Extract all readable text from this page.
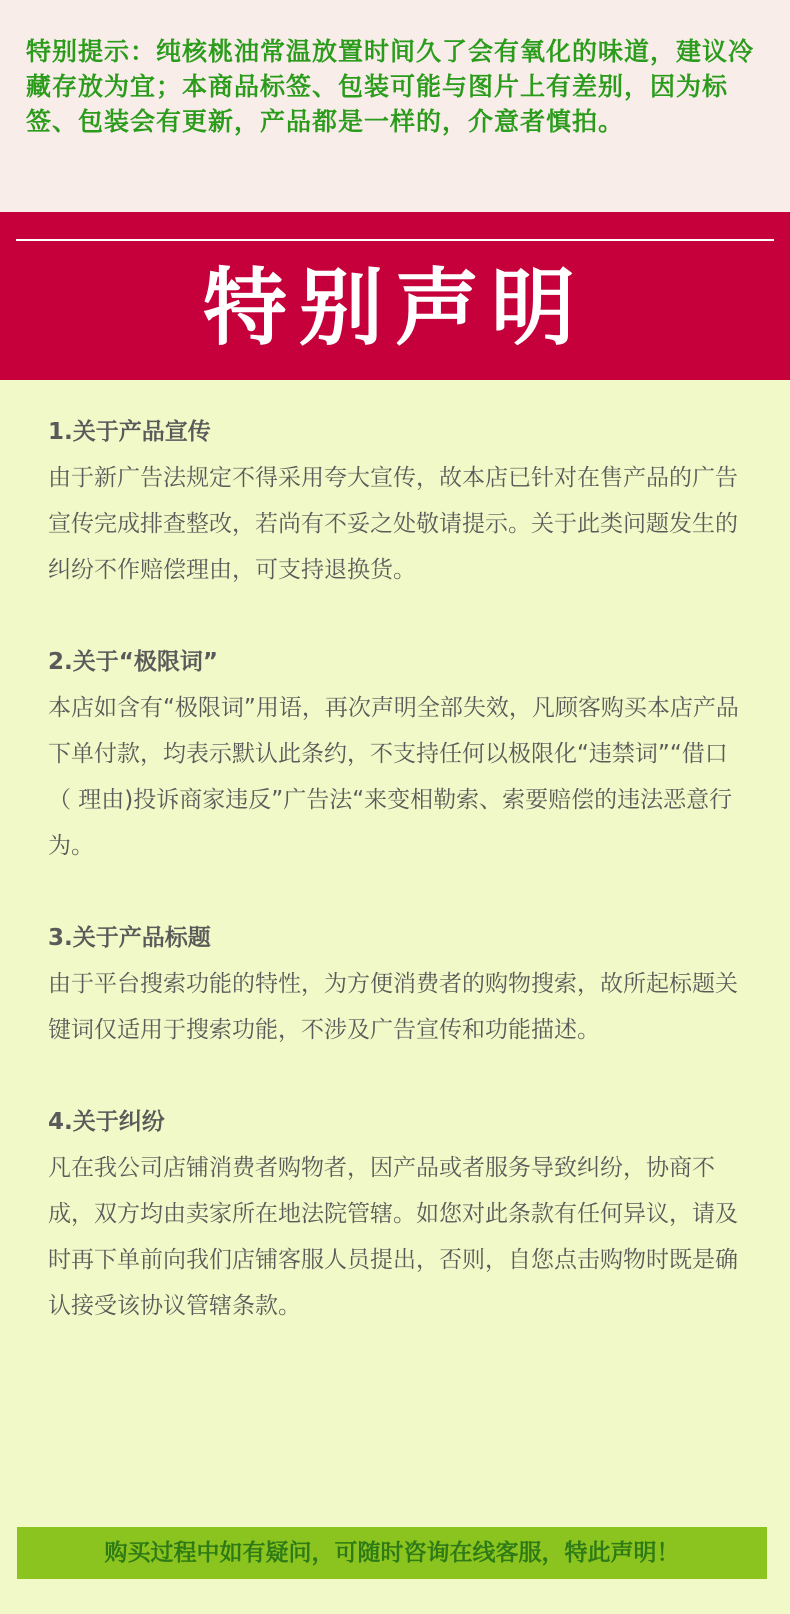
特别提示：纯核桃油常温放置时间久了会有氧化的味道，建议冷藏存放为宜；本商品标签、包装可能与图片上有差别，因为标签、包装会有更新，产品都是一样的，介意者慎拍。
特别声明
1.关于产品宣传
由于新广告法规定不得采用夸大宣传，故本店已针对在售产品的广告宣传完成排查整改，若尚有不妥之处敬请提示。关于此类问题发生的纠纷不作赔偿理由，可支持退换货。
2.关于“极限词”
本店如含有“极限词”用语，再次声明全部失效，凡顾客购买本店产品下单付款，均表示默认此条约，不支持任何以极限化“违禁词”“借口 （ 理由)投诉商家违反”广告法“来变相勒索、索要赔偿的违法恶意行为。
3.关于产品标题
由于平台搜索功能的特性，为方便消费者的购物搜索，故所起标题关键词仅适用于搜索功能，不涉及广告宣传和功能描述。
4.关于纠纷
凡在我公司店铺消费者购物者，因产品或者服务导致纠纷，协商不成，双方均由卖家所在地法院管辖。如您对此条款有任何异议，请及时再下单前向我们店铺客服人员提出，否则，自您点击购物时既是确认接受该协议管辖条款。
购买过程中如有疑问，可随时咨询在线客服，特此声明！
